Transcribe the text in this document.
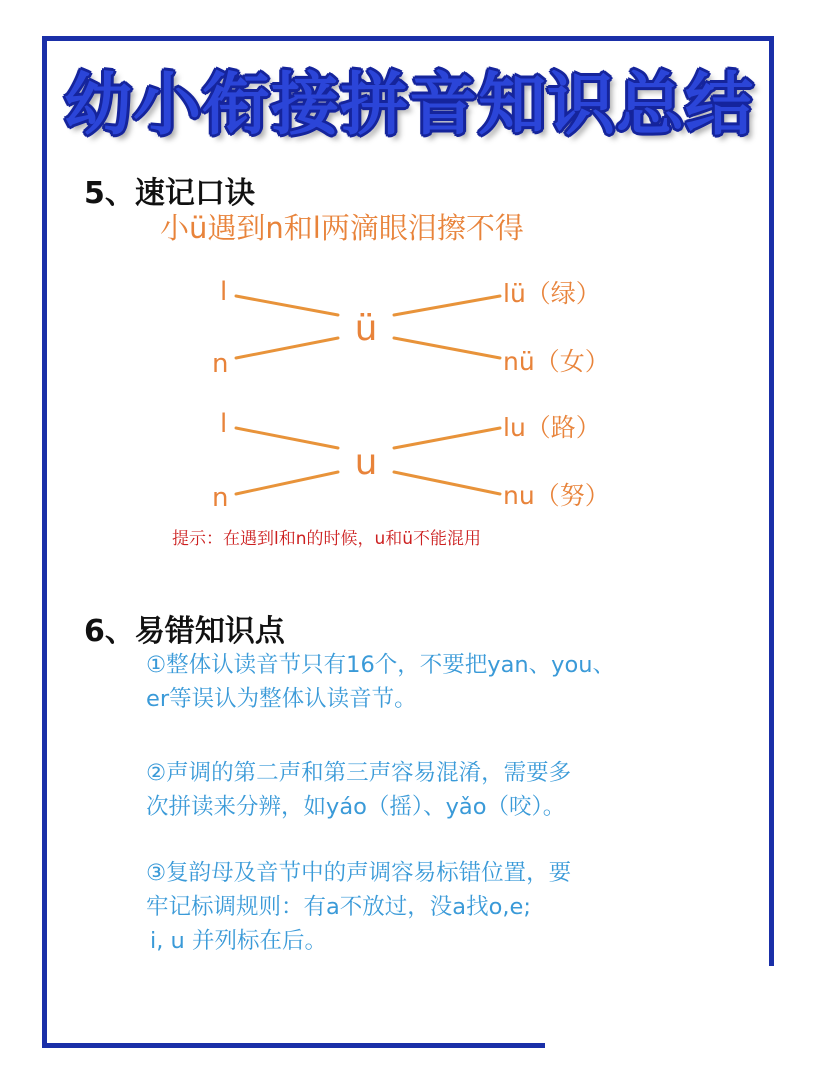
幼小衔接拼音知识总结
5、速记口诀
小ü遇到n和l两滴眼泪擦不得
l
n
ü
lü（绿）
nü（女）
l
n
u
lu（路）
nu（努）
提示：在遇到l和n的时候，u和ü不能混用
6、易错知识点
①整体认读音节只有16个，不要把yan、you、
er等误认为整体认读音节。
②声调的第二声和第三声容易混淆，需要多
次拼读来分辨，如yáo（摇）、yǎo（咬）。
③复韵母及音节中的声调容易标错位置，要
牢记标调规则：有a不放过，没a找o,e;
i, u 并列标在后。
